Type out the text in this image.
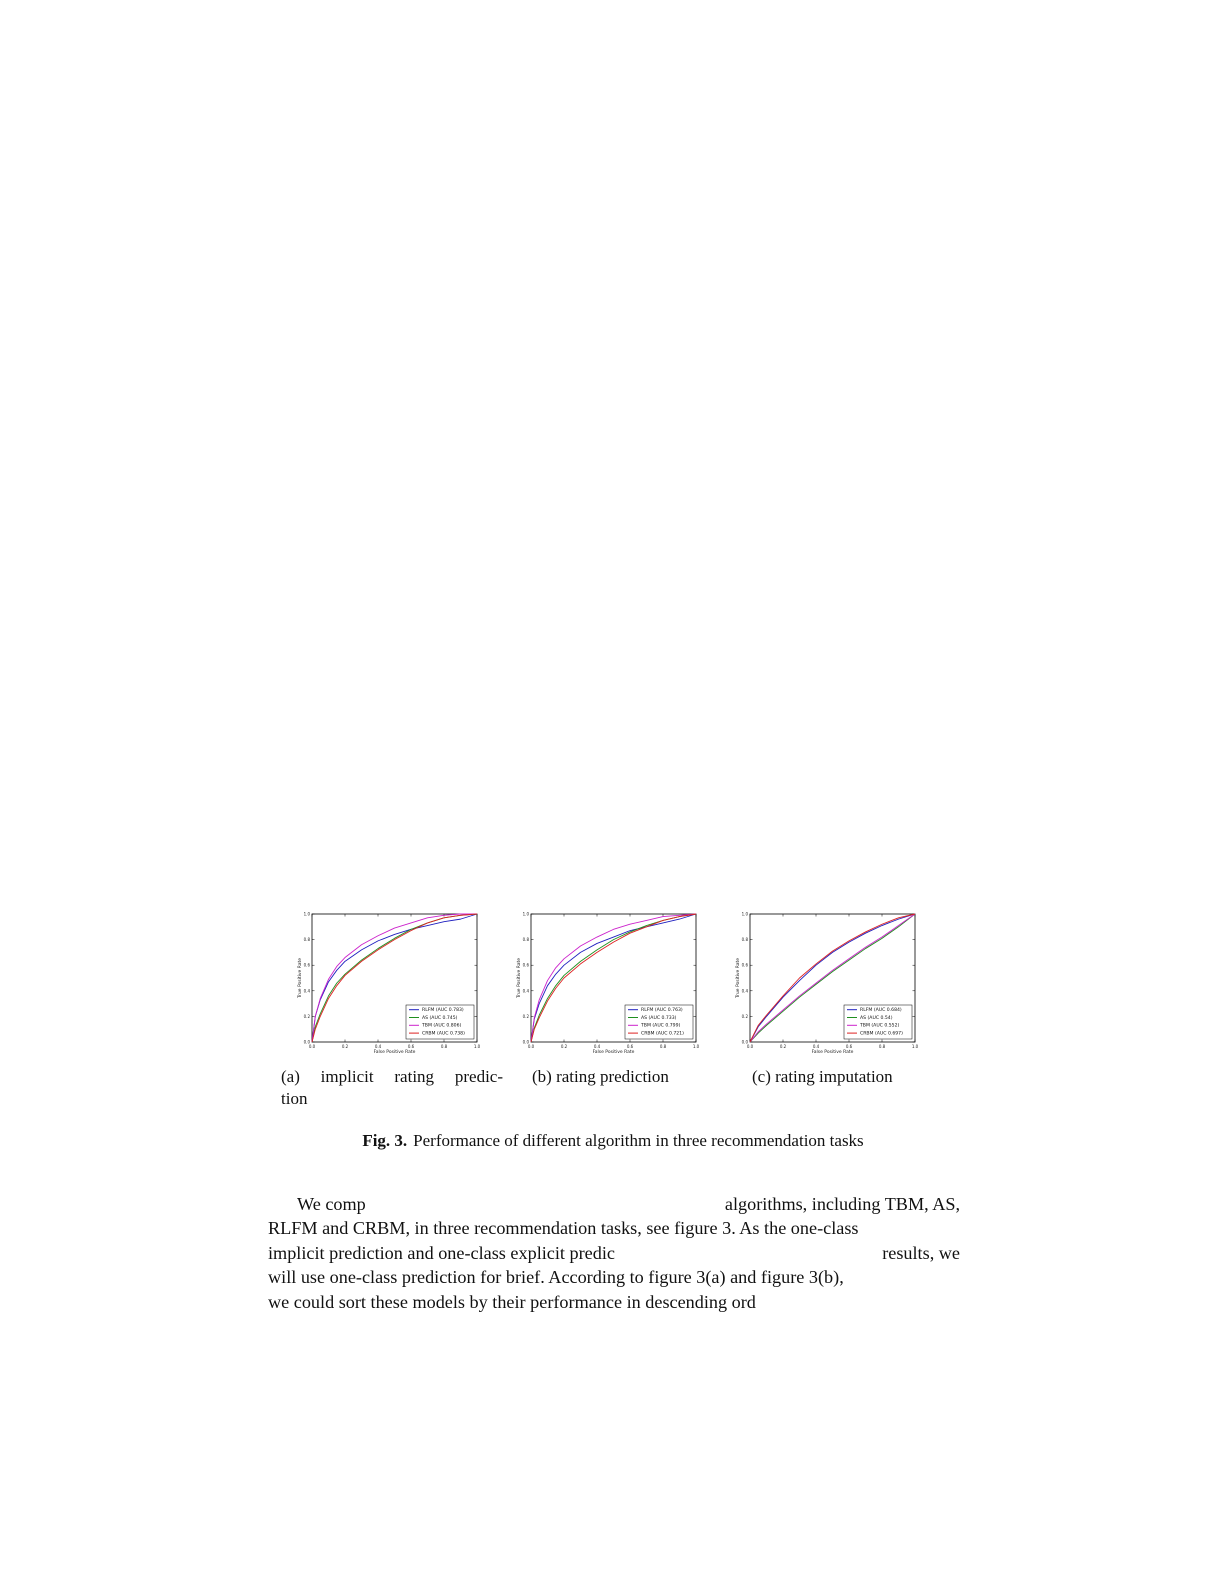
0.0	0.2	0.4	0.6	0.8	1.0
0.0
0.2
0.4
0.6
0.8
1.0
False Positive Rate
True Positive Rate
RLFM (AUC 0.783)
AS (AUC 0.745)
TBM (AUC 0.806)
CRBM (AUC 0.738)
0.0	0.2	0.4	0.6	0.8	1.0
0.0
0.2
0.4
0.6
0.8
1.0
False Positive Rate
True Positive Rate
RLFM (AUC 0.763)
AS (AUC 0.733)
TBM (AUC 0.799)
CRBM (AUC 0.721)
0.0	0.2	0.4	0.6	0.8	1.0
0.0
0.2
0.4
0.6
0.8
1.0
False Positive Rate
True Positive Rate
RLFM (AUC 0.684)
AS (AUC 0.54)
TBM (AUC 0.552)
CRBM (AUC 0.697)
(a) implicit rating predic-
tion
(b) rating prediction	(c) rating imputation
Fig. 3. Performance of different algorithm in three recommendation tasks
We comp	algorithms, including TBM, AS,
RLFM and CRBM, in three recommendation tasks, see figure 3. As the one-class
implicit prediction and one-class explicit predic	results, we
will use one-class prediction for brief. According to figure 3(a) and figure 3(b),
we could sort these models by their performance in descending ord
